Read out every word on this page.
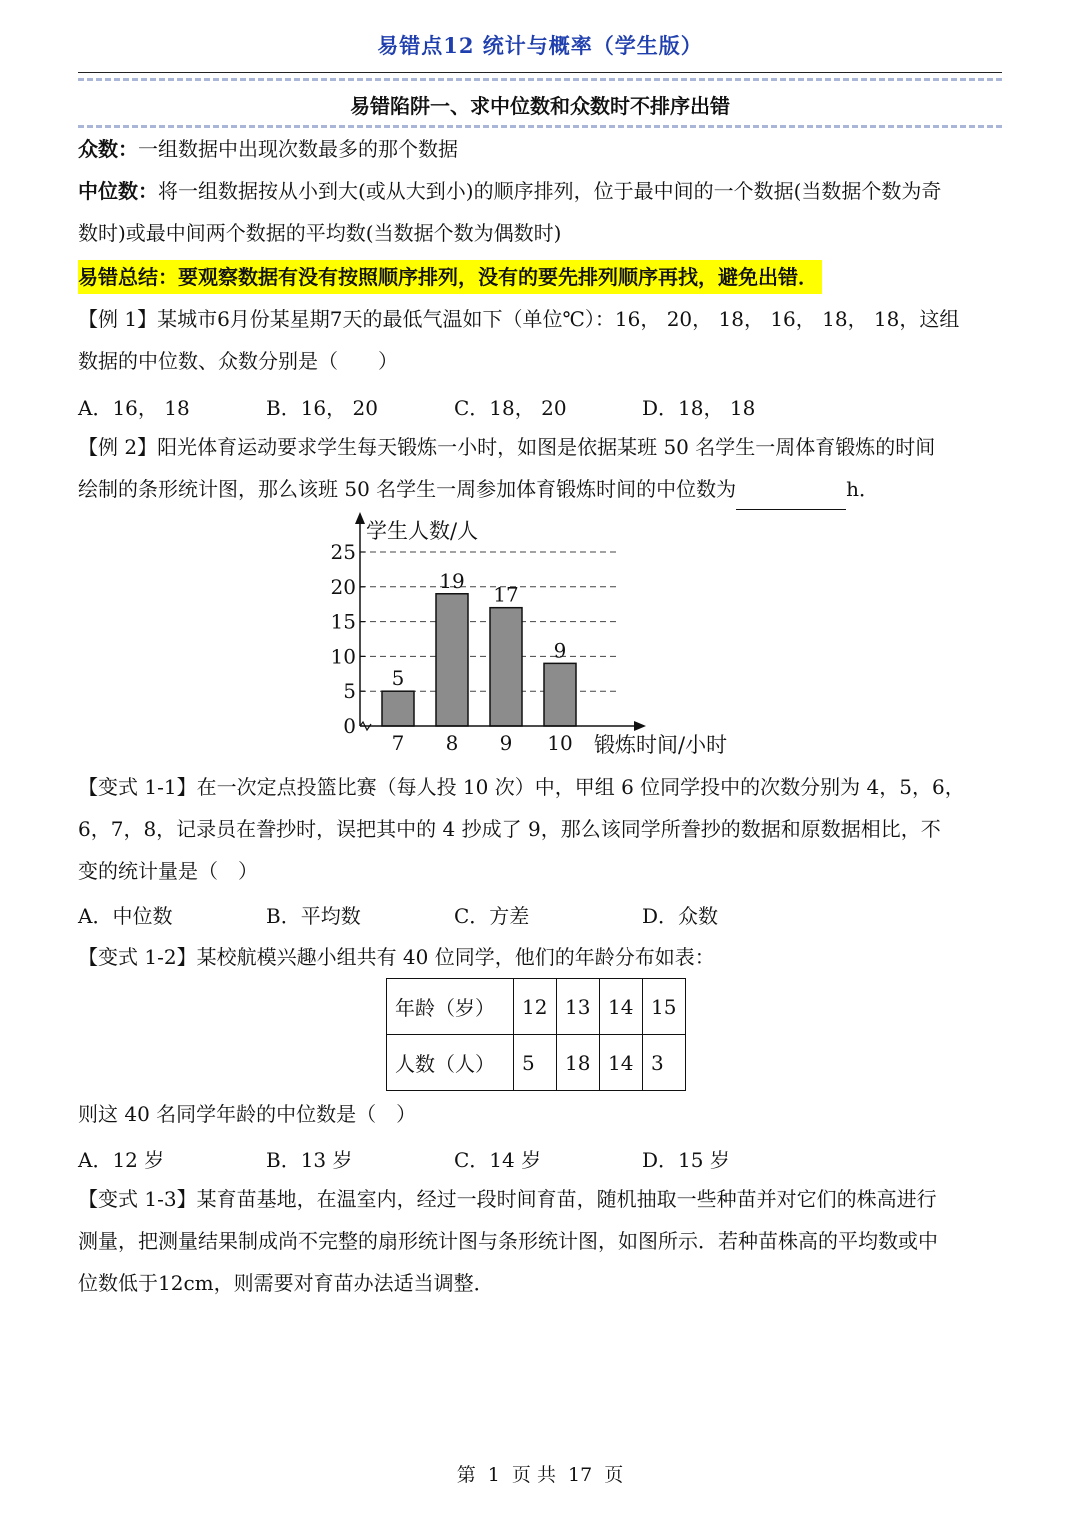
易错点12 统计与概率（学生版）
易错陷阱一、求中位数和众数时不排序出错
众数：一组数据中出现次数最多的那个数据
中位数：将一组数据按从小到大(或从大到小)的顺序排列，位于最中间的一个数据(当数据个数为奇
数时)或最中间两个数据的平均数(当数据个数为偶数时)
易错总结：要观察数据有没有按照顺序排列，没有的要先排列顺序再找，避免出错．
【例 1】某城市6月份某星期7天的最低气温如下（单位℃）：16， 20， 18， 16， 18， 18，这组
数据的中位数、众数分别是（　　）
A．16， 18	B．16， 20	C．18， 20	D．18， 18
【例 2】阳光体育运动要求学生每天锻炼一小时，如图是依据某班 50 名学生一周体育锻炼的时间
绘制的条形统计图，那么该班 50 名学生一周参加体育锻炼时间的中位数为	h．
0
5
10
15
20
25
5
7
19
8
17
9
9
10
学生人数/人
锻炼时间/小时
【变式 1-1】在一次定点投篮比赛（每人投 10 次）中，甲组 6 位同学投中的次数分别为 4，5，6，
6，7，8，记录员在誊抄时，误把其中的 4 抄成了 9，那么该同学所誊抄的数据和原数据相比，不
变的统计量是（　）
A．中位数	B．平均数	C．方差	D．众数
【变式 1-2】某校航模兴趣小组共有 40 位同学，他们的年龄分布如表：
年龄（岁）	12	13	14	15
人数（人）	5	18	14	3
则这 40 名同学年龄的中位数是（　）
A．12 岁	B．13 岁	C．14 岁	D．15 岁
【变式 1-3】某育苗基地，在温室内，经过一段时间育苗，随机抽取一些种苗并对它们的株高进行
测量，把测量结果制成尚不完整的扇形统计图与条形统计图，如图所示．若种苗株高的平均数或中
位数低于12cm，则需要对育苗办法适当调整．
第 1 页 共 17 页
